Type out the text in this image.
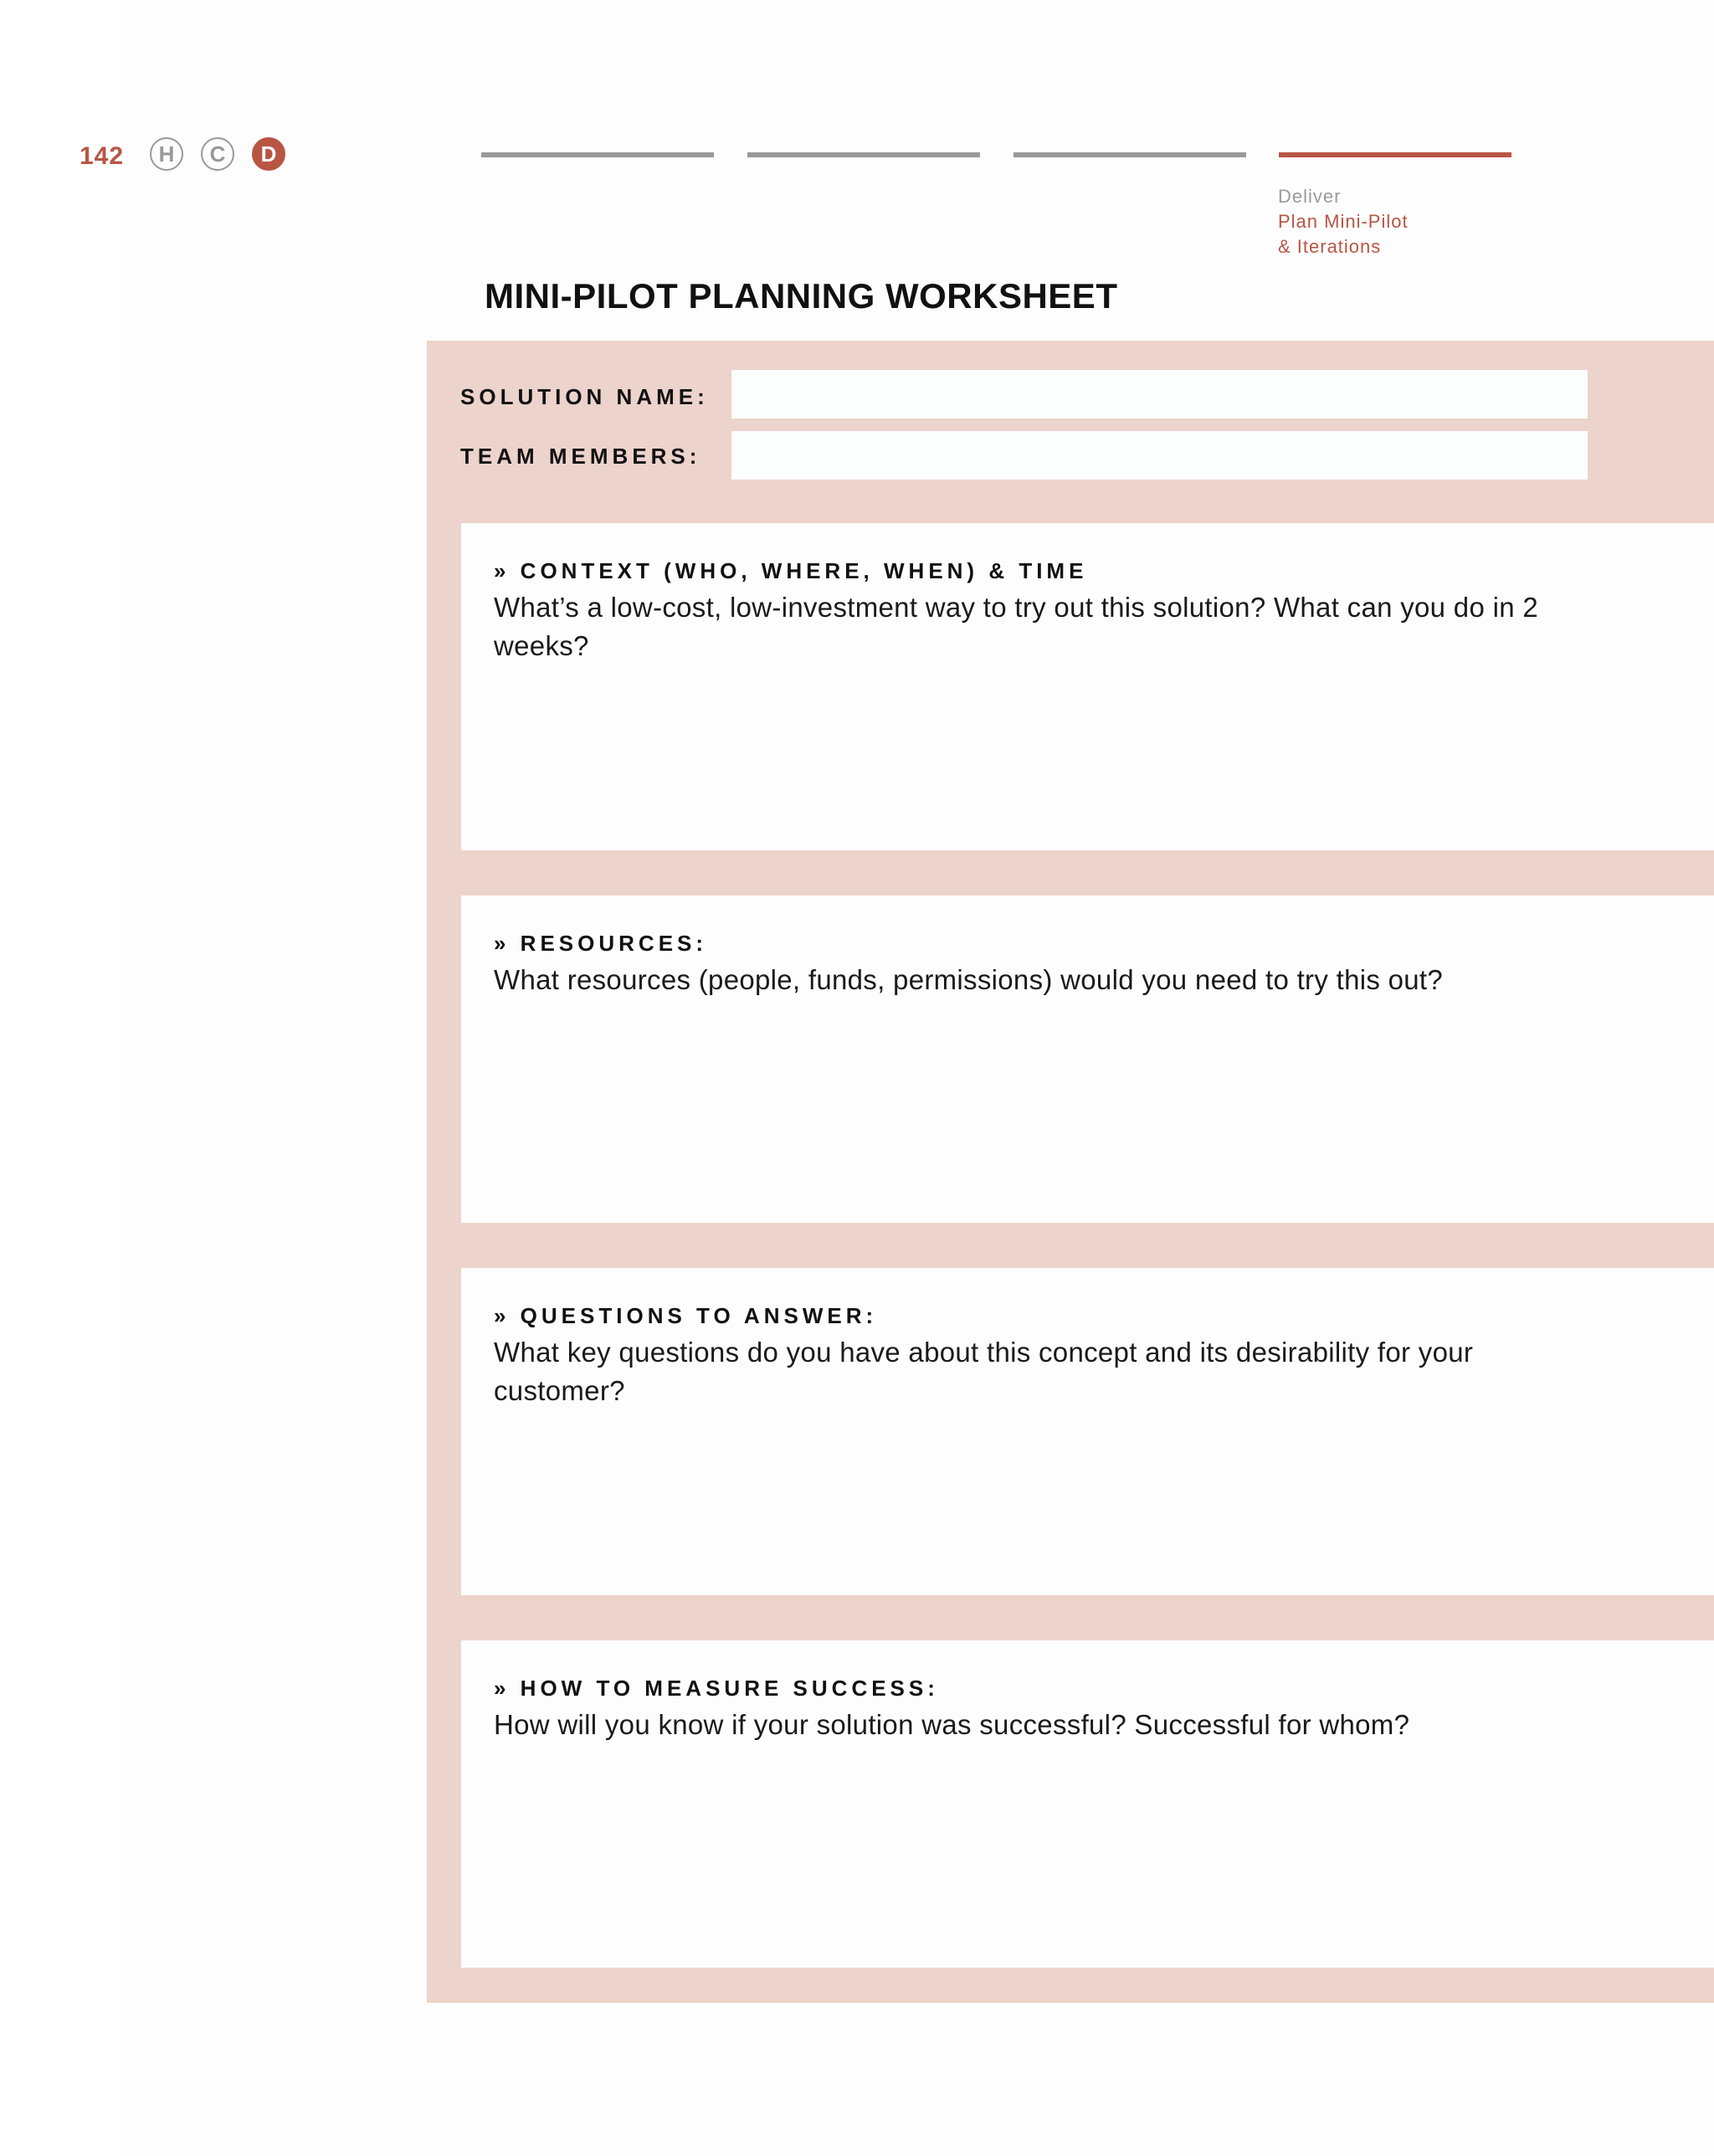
142	H	C	D
Deliver
Plan Mini-Pilot
& Iterations
MINI-PILOT PLANNING WORKSHEET
SOLUTION NAME:
TEAM MEMBERS:
» CONTEXT (WHO, WHERE, WHEN) & TIME
What’s a low-cost, low-investment way to try out this solution? What can you do in 2 weeks?
» RESOURCES:
What resources (people, funds, permissions) would you need to try this out?
» QUESTIONS TO ANSWER:
What key questions do you have about this concept and its desirability for your customer?
» HOW TO MEASURE SUCCESS:
How will you know if your solution was successful? Successful for whom?
